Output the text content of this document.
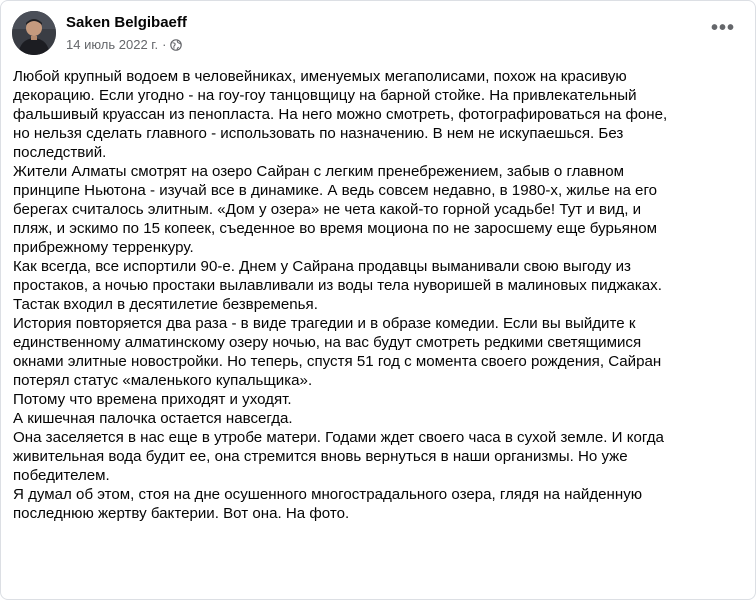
Saken Belgibaeff
14 июль 2022 г. ·
•••

Любой крупный водоем в человейниках, именуемых мегаполисами, похож на красивую

декорацию. Если угодно - на гоу-гоу танцовщицу на барной стойке. На привлекательный

фальшивый круассан из пенопласта. На него можно смотреть, фотографироваться на фоне,

но нельзя сделать главного - использовать по назначению. В нем не искупаешься. Без

последствий.

Жители Алматы смотрят на озеро Сайран с легким пренебрежением, забыв о главном

принципе Ньютона - изучай все в динамике. А ведь совсем недавно, в 1980-х, жилье на его

берегах считалось элитным. «Дом у озера» не чета какой-то горной усадьбе! Тут и вид, и

пляж, и эскимо по 15 копеек, съеденное во время моциона по не заросшему еще бурьяном

прибрежному терренкуру.

Как всегда, все испортили 90-е. Днем у Сайрана продавцы выманивали свою выгоду из

простаков, а ночью простаки вылавливали из воды тела нуворишей в малиновых пиджаках.

Тастак входил в десятилетие безвремenья.

История повторяется два раза - в виде трагедии и в образе комедии. Если вы выйдите к

единственному алматинскому озеру ночью, на вас будут смотреть редкими светящимися

окнами элитные новостройки. Но теперь, спустя 51 год с момента своего рождения, Сайран

потерял статус «маленького купальщика».

Потому что времена приходят и уходят.

А кишечная палочка остается навсегда.

Она заселяется в нас еще в утробе матери. Годами ждет своего часа в сухой земле. И когда

живительная вода будит ее, она стремится вновь вернуться в наши организмы. Но уже

победителем.

Я думал об этом, стоя на дне осушенного многострадального озера, глядя на найденную

последнюю жертву бактерии. Вот она. На фото.
